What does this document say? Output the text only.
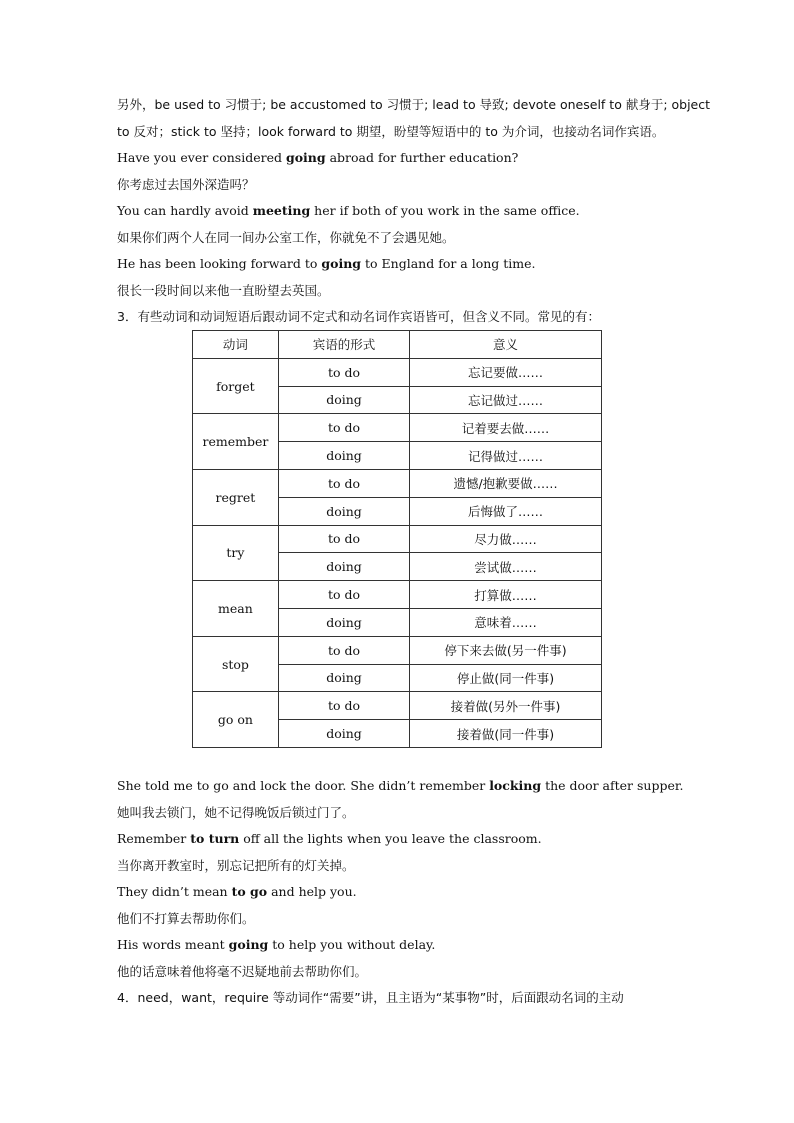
另外，be used to 习惯于; be accustomed to 习惯于; lead to 导致; devote oneself to 献身于; object
to 反对；stick to 坚持；look forward to 期望，盼望等短语中的 to 为介词，也接动名词作宾语。
Have you ever considered going abroad for further education?
你考虑过去国外深造吗？
You can hardly avoid meeting her if both of you work in the same office.
如果你们两个人在同一间办公室工作，你就免不了会遇见她。
He has been looking forward to going to England for a long time.
很长一段时间以来他一直盼望去英国。
3．有些动词和动词短语后跟动词不定式和动名词作宾语皆可，但含义不同。常见的有：
动词	宾语的形式	意义
forget	to do	忘记要做……
	doing	忘记做过……
remember	to do	记着要去做……
	doing	记得做过……
regret	to do	遗憾/抱歉要做……
	doing	后悔做了……
try	to do	尽力做……
	doing	尝试做……
mean	to do	打算做……
	doing	意味着……
stop	to do	停下来去做(另一件事)
	doing	停止做(同一件事)
go on	to do	接着做(另外一件事)
	doing	接着做(同一件事)
She told me to go and lock the door. She didn’t remember locking the door after supper.
她叫我去锁门，她不记得晚饭后锁过门了。
Remember to turn off all the lights when you leave the classroom.
当你离开教室时，别忘记把所有的灯关掉。
They didn’t mean to go and help you.
他们不打算去帮助你们。
His words meant going to help you without delay.
他的话意味着他将毫不迟疑地前去帮助你们。
4．need，want，require 等动词作“需要”讲，且主语为“某事物”时，后面跟动名词的主动
